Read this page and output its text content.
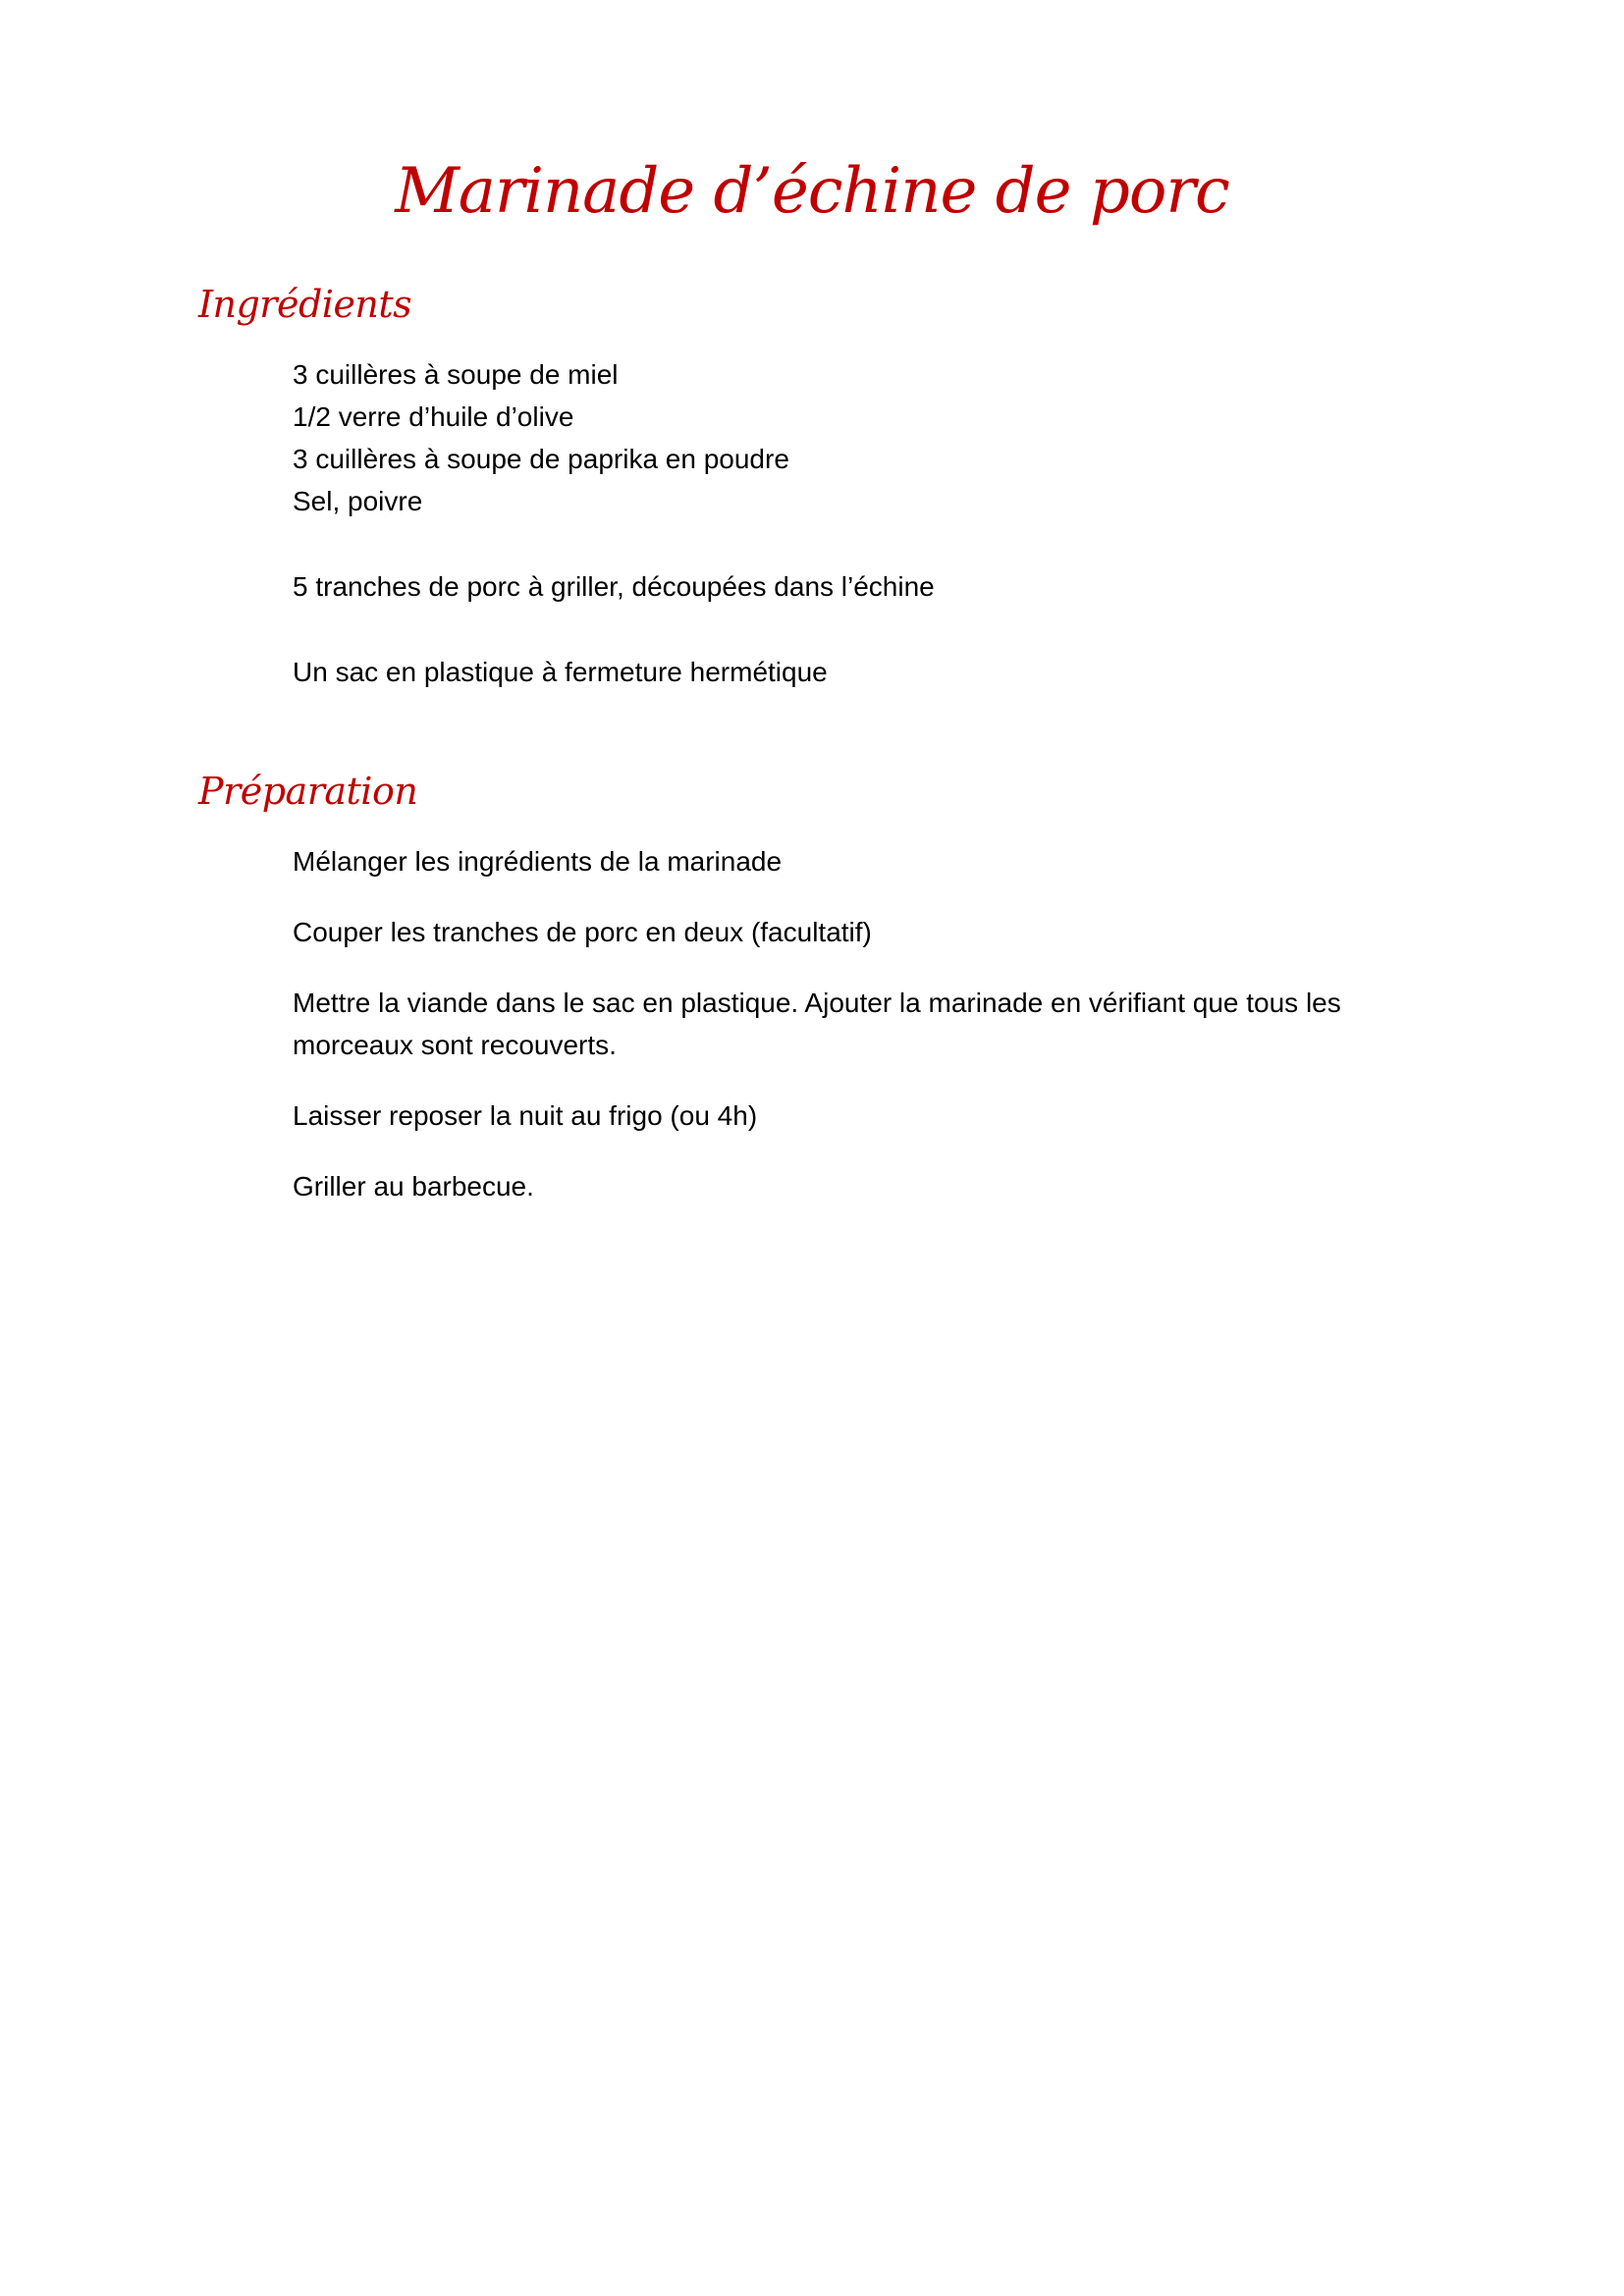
Marinade d’échine de porc
Ingrédients
3 cuillères à soupe de miel
1/2 verre d’huile d’olive
3 cuillères à soupe de paprika en poudre
Sel, poivre
5 tranches de porc à griller, découpées dans l’échine
Un sac en plastique à fermeture hermétique
Préparation
Mélanger les ingrédients de la marinade
Couper les tranches de porc en deux (facultatif)
Mettre la viande dans le sac en plastique. Ajouter la marinade en vérifiant que tous les morceaux sont recouverts.
Laisser reposer la nuit au frigo (ou 4h)
Griller au barbecue.
